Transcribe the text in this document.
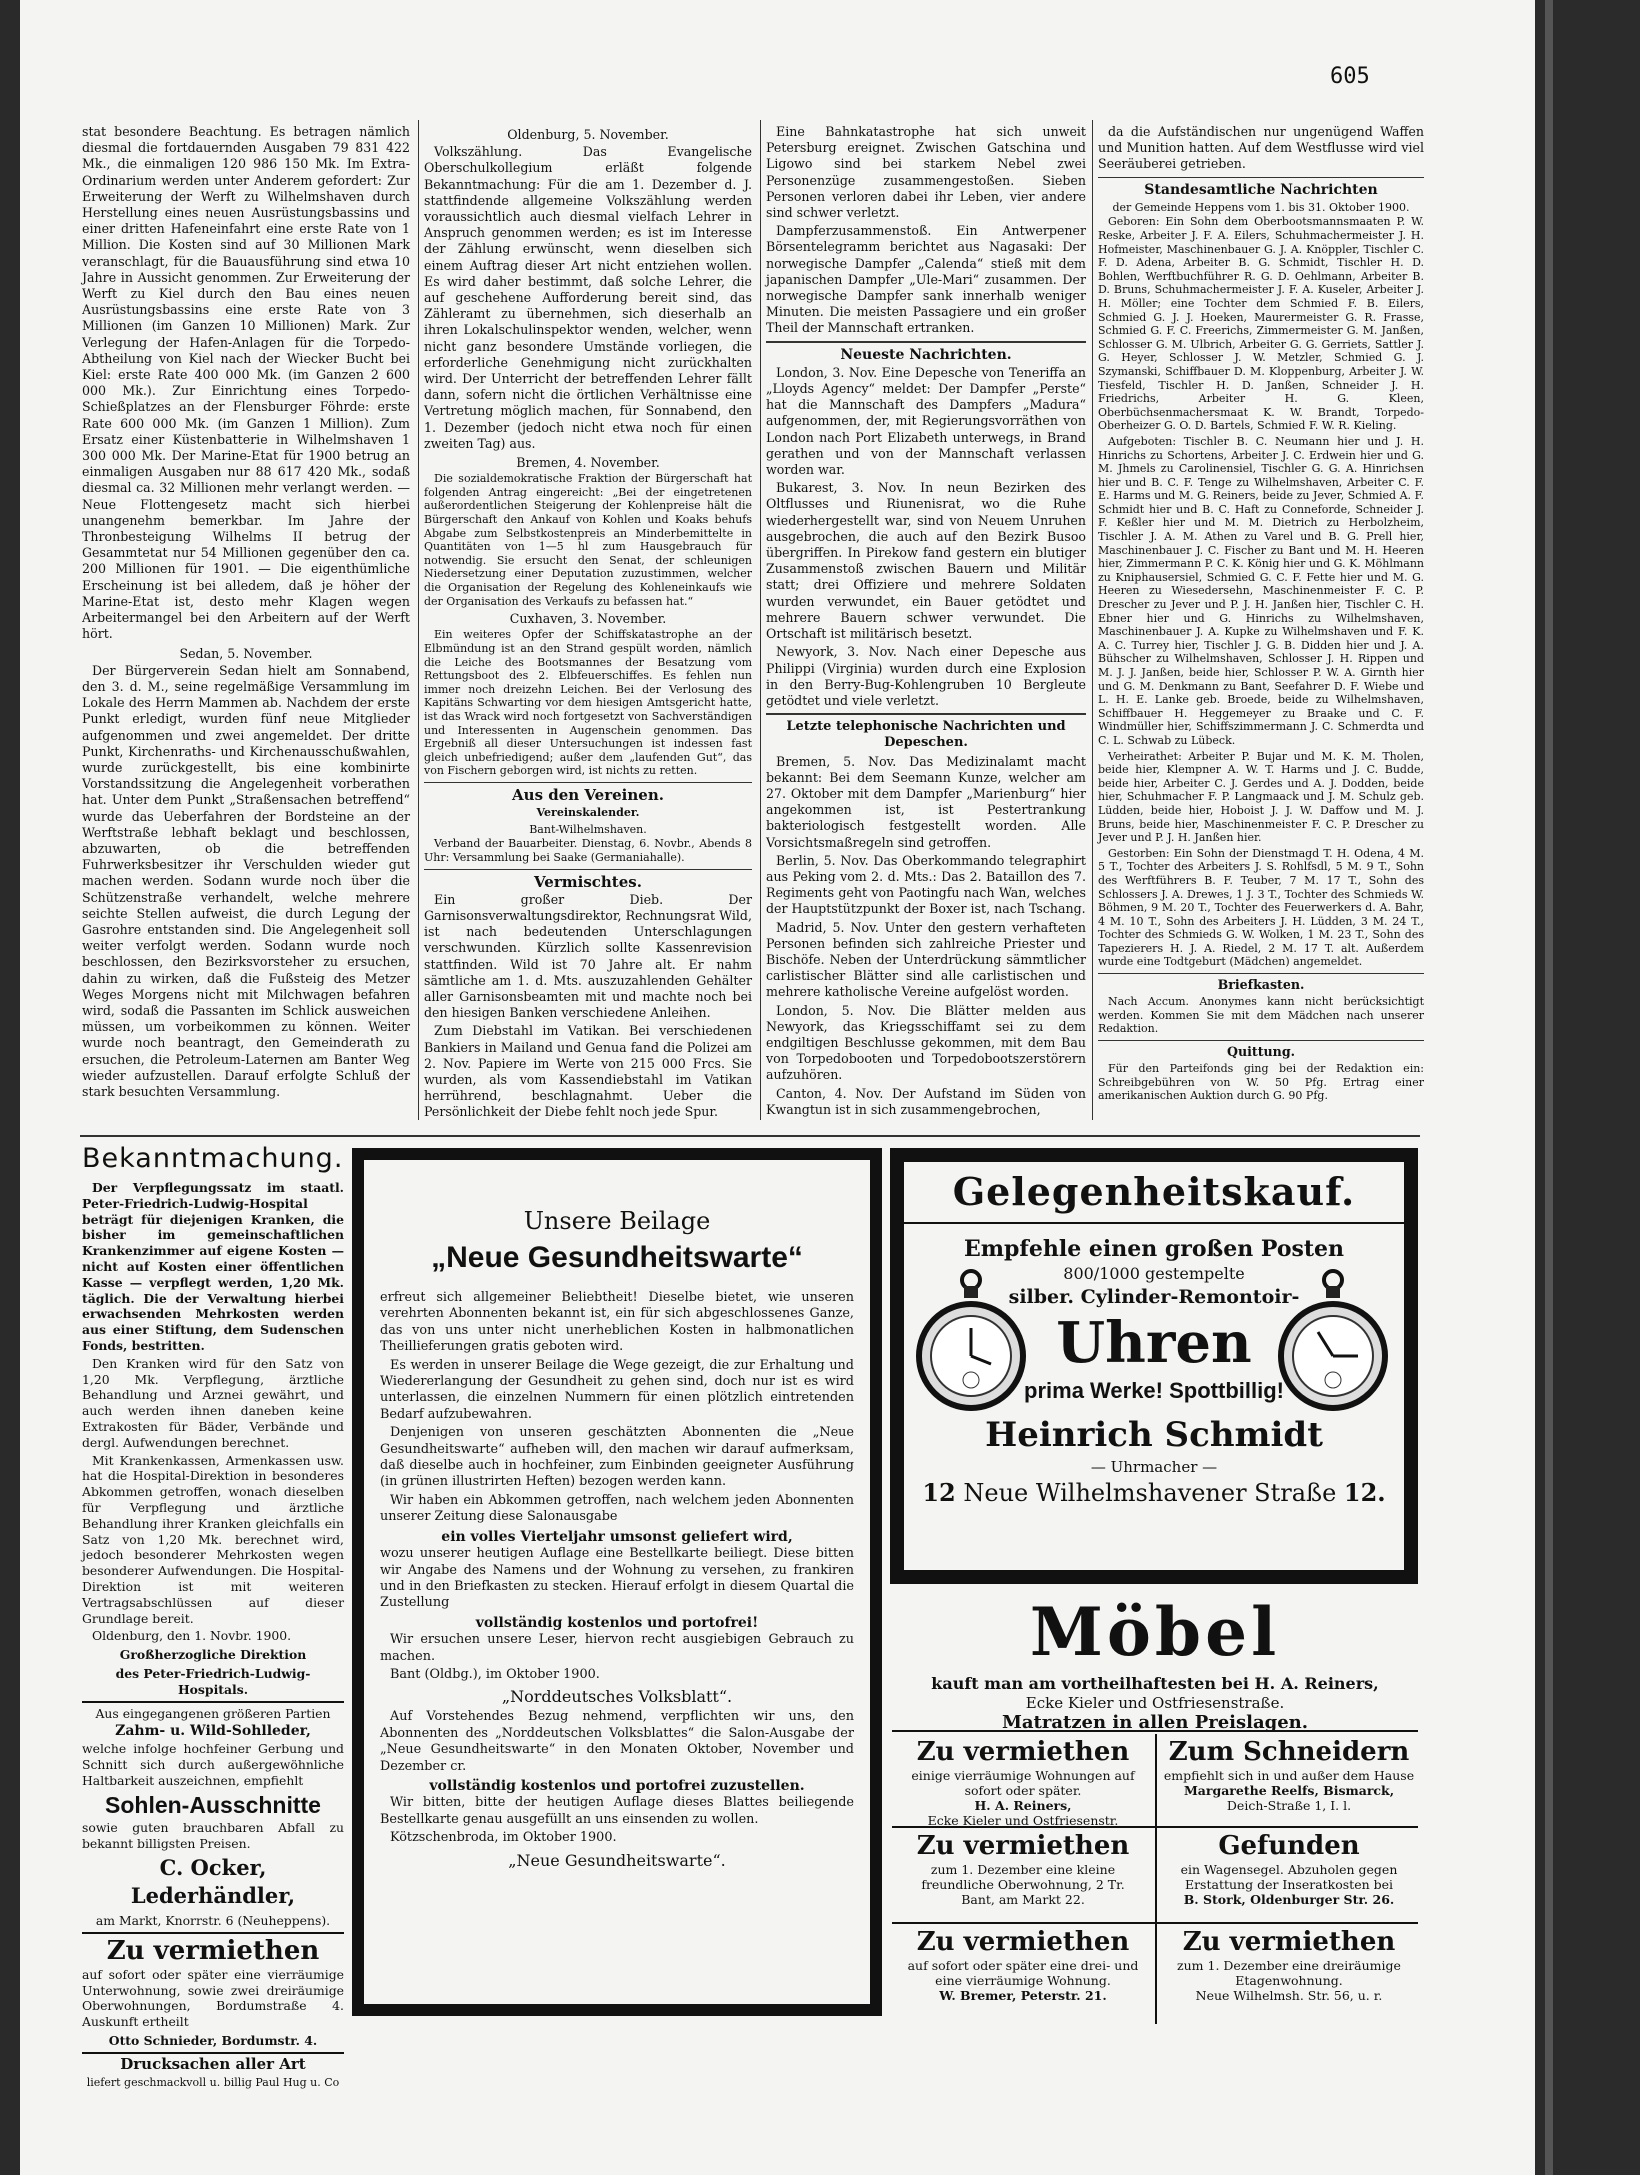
605

stat besondere Beachtung. Es betragen nämlich diesmal die fortdauernden Ausgaben 79 831 422 Mk., die einmaligen 120 986 150 Mk. Im Extra-Ordinarium werden unter Anderem gefordert: Zur Erweiterung der Werft zu Wilhelmshaven durch Herstellung eines neuen Ausrüstungsbassins und einer dritten Hafeneinfahrt eine erste Rate von 1 Million. Die Kosten sind auf 30 Millionen Mark veranschlagt, für die Bauausführung sind etwa 10 Jahre in Aussicht genommen. Zur Erweiterung der Werft zu Kiel durch den Bau eines neuen Ausrüstungsbassins eine erste Rate von 3 Millionen (im Ganzen 10 Millionen) Mark. Zur Verlegung der Hafen-Anlagen für die Torpedo-Abtheilung von Kiel nach der Wiecker Bucht bei Kiel: erste Rate 400 000 Mk. (im Ganzen 2 600 000 Mk.). Zur Einrichtung eines Torpedo-Schießplatzes an der Flensburger Föhrde: erste Rate 600 000 Mk. (im Ganzen 1 Million). Zum Ersatz einer Küstenbatterie in Wilhelmshaven 1 300 000 Mk. Der Marine-Etat für 1900 betrug an einmaligen Ausgaben nur 88 617 420 Mk., sodaß diesmal ca. 32 Millionen mehr verlangt werden. — Neue Flottengesetz macht sich hierbei unangenehm bemerkbar. Im Jahre der Thronbesteigung Wilhelms II betrug der Gesammtetat nur 54 Millionen gegenüber den ca. 200 Millionen für 1901. — Die eigenthümliche Erscheinung ist bei alledem, daß je höher der Marine-Etat ist, desto mehr Klagen wegen Arbeitermangel bei den Arbeitern auf der Werft hört.

Sedan, 5. November.

Der Bürgerverein Sedan hielt am Sonnabend, den 3. d. M., seine regelmäßige Versammlung im Lokale des Herrn Mammen ab. Nachdem der erste Punkt erledigt, wurden fünf neue Mitglieder aufgenommen und zwei angemeldet. Der dritte Punkt, Kirchenraths- und Kirchenausschußwahlen, wurde zurückgestellt, bis eine kombinirte Vorstandssitzung die Angelegenheit vorberathen hat. Unter dem Punkt „Straßensachen betreffend“ wurde das Ueberfahren der Bordsteine an der Werftstraße lebhaft beklagt und beschlossen, abzuwarten, ob die betreffenden Fuhrwerksbesitzer ihr Verschulden wieder gut machen werden. Sodann wurde noch über die Schützenstraße verhandelt, welche mehrere seichte Stellen aufweist, die durch Legung der Gasrohre entstanden sind. Die Angelegenheit soll weiter verfolgt werden. Sodann wurde noch beschlossen, den Bezirksvorsteher zu ersuchen, dahin zu wirken, daß die Fußsteig des Metzer Weges Morgens nicht mit Milchwagen befahren wird, sodaß die Passanten im Schlick ausweichen müssen, um vorbeikommen zu können. Weiter wurde noch beantragt, den Gemeinderath zu ersuchen, die Petroleum-Laternen am Banter Weg wieder aufzustellen. Darauf erfolgte Schluß der stark besuchten Versammlung.

Oldenburg, 5. November.

Volkszählung. Das Evangelische Oberschulkollegium erläßt folgende Bekanntmachung: Für die am 1. Dezember d. J. stattfindende allgemeine Volkszählung werden voraussichtlich auch diesmal vielfach Lehrer in Anspruch genommen werden; es ist im Interesse der Zählung erwünscht, wenn dieselben sich einem Auftrag dieser Art nicht entziehen wollen. Es wird daher bestimmt, daß solche Lehrer, die auf geschehene Aufforderung bereit sind, das Zähleramt zu übernehmen, sich dieserhalb an ihren Lokalschulinspektor wenden, welcher, wenn nicht ganz besondere Umstände vorliegen, die erforderliche Genehmigung nicht zurückhalten wird. Der Unterricht der betreffenden Lehrer fällt dann, sofern nicht die örtlichen Verhältnisse eine Vertretung möglich machen, für Sonnabend, den 1. Dezember (jedoch nicht etwa noch für einen zweiten Tag) aus.

Bremen, 4. November.

Die sozialdemokratische Fraktion der Bürgerschaft hat folgenden Antrag eingereicht: „Bei der eingetretenen außerordentlichen Steigerung der Kohlenpreise hält die Bürgerschaft den Ankauf von Kohlen und Koaks behufs Abgabe zum Selbstkostenpreis an Minderbemittelte in Quantitäten von 1—5 hl zum Hausgebrauch für notwendig. Sie ersucht den Senat, der schleunigen Niedersetzung einer Deputation zuzustimmen, welcher die Organisation der Regelung des Kohleneinkaufs wie der Organisation des Verkaufs zu befassen hat.“

Cuxhaven, 3. November.

Ein weiteres Opfer der Schiffskatastrophe an der Elbmündung ist an den Strand gespült worden, nämlich die Leiche des Bootsmannes der Besatzung vom Rettungsboot des 2. Elbfeuerschiffes. Es fehlen nun immer noch dreizehn Leichen. Bei der Verlosung des Kapitäns Schwarting vor dem hiesigen Amtsgericht hatte, ist das Wrack wird noch fortgesetzt von Sachverständigen und Interessenten in Augenschein genommen. Das Ergebniß all dieser Untersuchungen ist indessen fast gleich unbefriedigend; außer dem „laufenden Gut“, das von Fischern geborgen wird, ist nichts zu retten.

Aus den Vereinen.

Vereinskalender.

Bant-Wilhelmshaven.

Verband der Bauarbeiter. Dienstag, 6. Novbr., Abends 8 Uhr: Versammlung bei Saake (Germaniahalle).

Vermischtes.

Ein großer Dieb. Der Garnisonsverwaltungsdirektor, Rechnungsrat Wild, ist nach bedeutenden Unterschlagungen verschwunden. Kürzlich sollte Kassenrevision stattfinden. Wild ist 70 Jahre alt. Er nahm sämtliche am 1. d. Mts. auszuzahlenden Gehälter aller Garnisonsbeamten mit und machte noch bei den hiesigen Banken verschiedene Anleihen.

Zum Diebstahl im Vatikan. Bei verschiedenen Bankiers in Mailand und Genua fand die Polizei am 2. Nov. Papiere im Werte von 215 000 Frcs. Sie wurden, als vom Kassendiebstahl im Vatikan herrührend, beschlagnahmt. Ueber die Persönlichkeit der Diebe fehlt noch jede Spur.

Eine Bahnkatastrophe hat sich unweit Petersburg ereignet. Zwischen Gatschina und Ligowo sind bei starkem Nebel zwei Personenzüge zusammengestoßen. Sieben Personen verloren dabei ihr Leben, vier andere sind schwer verletzt.

Dampferzusammenstoß. Ein Antwerpener Börsentelegramm berichtet aus Nagasaki: Der norwegische Dampfer „Calenda“ stieß mit dem japanischen Dampfer „Ule-Mari“ zusammen. Der norwegische Dampfer sank innerhalb weniger Minuten. Die meisten Passagiere und ein großer Theil der Mannschaft ertranken.

Neueste Nachrichten.

London, 3. Nov. Eine Depesche von Teneriffa an „Lloyds Agency“ meldet: Der Dampfer „Perste“ hat die Mannschaft des Dampfers „Madura“ aufgenommen, der, mit Regierungsvorräthen von London nach Port Elizabeth unterwegs, in Brand gerathen und von der Mannschaft verlassen worden war.

Bukarest, 3. Nov. In neun Bezirken des Oltflusses und Riunenisrat, wo die Ruhe wiederhergestellt war, sind von Neuem Unruhen ausgebrochen, die auch auf den Bezirk Busoo übergriffen. In Pirekow fand gestern ein blutiger Zusammenstoß zwischen Bauern und Militär statt; drei Offiziere und mehrere Soldaten wurden verwundet, ein Bauer getödtet und mehrere Bauern schwer verwundet. Die Ortschaft ist militärisch besetzt.

Newyork, 3. Nov. Nach einer Depesche aus Philippi (Virginia) wurden durch eine Explosion in den Berry-Bug-Kohlengruben 10 Bergleute getödtet und viele verletzt.

Letzte telephonische Nachrichten und Depeschen.

Bremen, 5. Nov. Das Medizinalamt macht bekannt: Bei dem Seemann Kunze, welcher am 27. Oktober mit dem Dampfer „Marienburg“ hier angekommen ist, ist Pestertrankung bakteriologisch festgestellt worden. Alle Vorsichtsmaßregeln sind getroffen.

Berlin, 5. Nov. Das Oberkommando telegraphirt aus Peking vom 2. d. Mts.: Das 2. Bataillon des 7. Regiments geht von Paotingfu nach Wan, welches der Hauptstützpunkt der Boxer ist, nach Tschang.

Madrid, 5. Nov. Unter den gestern verhafteten Personen befinden sich zahlreiche Priester und Bischöfe. Neben der Unterdrückung sämmtlicher carlistischer Blätter sind alle carlistischen und mehrere katholische Vereine aufgelöst worden.

London, 5. Nov. Die Blätter melden aus Newyork, das Kriegsschiffamt sei zu dem endgiltigen Beschlusse gekommen, mit dem Bau von Torpedobooten und Torpedobootszerstörern aufzuhören.

Canton, 4. Nov. Der Aufstand im Süden von Kwangtun ist in sich zusammengebrochen,

da die Aufständischen nur ungenügend Waffen und Munition hatten. Auf dem Westflusse wird viel Seeräuberei getrieben.

Standesamtliche Nachrichten

der Gemeinde Heppens vom 1. bis 31. Oktober 1900.

Geboren: Ein Sohn dem Oberbootsmannsmaaten P. W. Reske, Arbeiter J. F. A. Eilers, Schuhmachermeister J. H. Hofmeister, Maschinenbauer G. J. A. Knöppler, Tischler C. F. D. Adena, Arbeiter B. G. Schmidt, Tischler H. D. Bohlen, Werftbuchführer R. G. D. Oehlmann, Arbeiter B. D. Bruns, Schuhmachermeister J. F. A. Kuseler, Arbeiter J. H. Möller; eine Tochter dem Schmied F. B. Eilers, Schmied G. J. J. Hoeken, Maurermeister G. R. Frasse, Schmied G. F. C. Freerichs, Zimmermeister G. M. Janßen, Schlosser G. M. Ulbrich, Arbeiter G. G. Gerriets, Sattler J. G. Heyer, Schlosser J. W. Metzler, Schmied G. J. Szymanski, Schiffbauer D. M. Kloppenburg, Arbeiter J. W. Tiesfeld, Tischler H. D. Janßen, Schneider J. H. Friedrichs, Arbeiter H. G. Kleen, Oberbüchsenmachersmaat K. W. Brandt, Torpedo-Oberheizer G. O. D. Bartels, Schmied F. W. R. Kieling.

Aufgeboten: Tischler B. C. Neumann hier und J. H. Hinrichs zu Schortens, Arbeiter J. C. Erdwein hier und G. M. Jhmels zu Carolinensiel, Tischler G. G. A. Hinrichsen hier und B. C. F. Tenge zu Wilhelmshaven, Arbeiter C. F. E. Harms und M. G. Reiners, beide zu Jever, Schmied A. F. Schmidt hier und B. C. Haft zu Conneforde, Schneider J. F. Keßler hier und M. M. Dietrich zu Herbolzheim, Tischler J. A. M. Athen zu Varel und B. G. Prell hier, Maschinenbauer J. C. Fischer zu Bant und M. H. Heeren hier, Zimmermann P. C. K. König hier und G. K. Möhlmann zu Kniphausersiel, Schmied G. C. F. Fette hier und M. G. Heeren zu Wiesedersehn, Maschinenmeister F. C. P. Drescher zu Jever und P. J. H. Janßen hier, Tischler C. H. Ebner hier und G. Hinrichs zu Wilhelmshaven, Maschinenbauer J. A. Kupke zu Wilhelmshaven und F. K. A. C. Turrey hier, Tischler J. G. B. Didden hier und J. A. Bühscher zu Wilhelmshaven, Schlosser J. H. Rippen und M. J. J. Janßen, beide hier, Schlosser P. W. A. Girnth hier und G. M. Denkmann zu Bant, Seefahrer D. F. Wiebe und L. H. E. Lanke geb. Broede, beide zu Wilhelmshaven, Schiffbauer H. Heggemeyer zu Braake und C. F. Windmüller hier, Schiffszimmermann J. C. Schmerdta und C. L. Schwab zu Lübeck.

Verheirathet: Arbeiter P. Bujar und M. K. M. Tholen, beide hier, Klempner A. W. T. Harms und J. C. Budde, beide hier, Arbeiter C. J. Gerdes und A. J. Dodden, beide hier, Schuhmacher F. P. Langmaack und J. M. Schulz geb. Lüdden, beide hier, Hoboist J. J. W. Daffow und M. J. Bruns, beide hier, Maschinenmeister F. C. P. Drescher zu Jever und P. J. H. Janßen hier.

Gestorben: Ein Sohn der Dienstmagd T. H. Odena, 4 M. 5 T., Tochter des Arbeiters J. S. Rohlfsdl, 5 M. 9 T., Sohn des Werftführers B. F. Teuber, 7 M. 17 T., Sohn des Schlossers J. A. Drewes, 1 J. 3 T., Tochter des Schmieds W. Böhmen, 9 M. 20 T., Tochter des Feuerwerkers d. A. Bahr, 4 M. 10 T., Sohn des Arbeiters J. H. Lüdden, 3 M. 24 T., Tochter des Schmieds G. W. Wolken, 1 M. 23 T., Sohn des Tapezierers H. J. A. Riedel, 2 M. 17 T. alt. Außerdem wurde eine Todtgeburt (Mädchen) angemeldet.

Briefkasten.

Nach Accum. Anonymes kann nicht berücksichtigt werden. Kommen Sie mit dem Mädchen nach unserer Redaktion.

Quittung.

Für den Parteifonds ging bei der Redaktion ein: Schreibgebühren von W. 50 Pfg. Ertrag einer amerikanischen Auktion durch G. 90 Pfg.

Bekanntmachung.

Der Verpflegungssatz im staatl. Peter-Friedrich-Ludwig-Hospital beträgt für diejenigen Kranken, die bisher im gemeinschaftlichen Krankenzimmer auf eigene Kosten — nicht auf Kosten einer öffentlichen Kasse — verpflegt werden, 1,20 Mk. täglich. Die der Verwaltung hierbei erwachsenden Mehrkosten werden aus einer Stiftung, dem Sudenschen Fonds, bestritten.

Den Kranken wird für den Satz von 1,20 Mk. Verpflegung, ärztliche Behandlung und Arznei gewährt, und auch werden ihnen daneben keine Extrakosten für Bäder, Verbände und dergl. Aufwendungen berechnet.

Mit Krankenkassen, Armenkassen usw. hat die Hospital-Direktion in besonderes Abkommen getroffen, wonach dieselben für Verpflegung und ärztliche Behandlung ihrer Kranken gleichfalls ein Satz von 1,20 Mk. berechnet wird, jedoch besonderer Mehrkosten wegen besonderer Aufwendungen. Die Hospital-Direktion ist mit weiteren Vertragsabschlüssen auf dieser Grundlage bereit.

Oldenburg, den 1. Novbr. 1900.

Großherzogliche Direktion

des Peter-Friedrich-Ludwig-Hospitals.

Aus eingegangenen größeren Partien

Zahm- u. Wild-Sohlleder,

welche infolge hochfeiner Gerbung und Schnitt sich durch außergewöhnliche Haltbarkeit auszeichnen, empfiehlt

Sohlen-Ausschnitte

sowie guten brauchbaren Abfall zu bekannt billigsten Preisen.

C. Ocker, Lederhändler,

am Markt, Knorrstr. 6 (Neuheppens).

Zu vermiethen

auf sofort oder später eine vierräumige Unterwohnung, sowie zwei dreiräumige Oberwohnungen, Bordumstraße 4. Auskunft ertheilt

Otto Schnieder, Bordumstr. 4.

Drucksachen aller Art

liefert geschmackvoll u. billig Paul Hug u. Co

Unsere Beilage
„Neue Gesundheitswarte“

erfreut sich allgemeiner Beliebtheit! Dieselbe bietet, wie unseren verehrten Abonnenten bekannt ist, ein für sich abgeschlossenes Ganze, das von uns unter nicht unerheblichen Kosten in halbmonatlichen Theillieferungen gratis geboten wird.

Es werden in unserer Beilage die Wege gezeigt, die zur Erhaltung und Wiedererlangung der Gesundheit zu gehen sind, doch nur ist es wird unterlassen, die einzelnen Nummern für einen plötzlich eintretenden Bedarf aufzubewahren.

Denjenigen von unseren geschätzten Abonnenten die „Neue Gesundheitswarte“ aufheben will, den machen wir darauf aufmerksam, daß dieselbe auch in hochfeiner, zum Einbinden geeigneter Ausführung (in grünen illustrirten Heften) bezogen werden kann.

Wir haben ein Abkommen getroffen, nach welchem jeden Abonnenten unserer Zeitung diese Salonausgabe

ein volles Vierteljahr umsonst geliefert wird,

wozu unserer heutigen Auflage eine Bestellkarte beiliegt. Diese bitten wir Angabe des Namens und der Wohnung zu versehen, zu frankiren und in den Briefkasten zu stecken. Hierauf erfolgt in diesem Quartal die Zustellung

vollständig kostenlos und portofrei!

Wir ersuchen unsere Leser, hiervon recht ausgiebigen Gebrauch zu machen.

Bant (Oldbg.), im Oktober 1900.

„Norddeutsches Volksblatt“.

Auf Vorstehendes Bezug nehmend, verpflichten wir uns, den Abonnenten des „Norddeutschen Volksblattes“ die Salon-Ausgabe der „Neue Gesundheitswarte“ in den Monaten Oktober, November und Dezember cr.

vollständig kostenlos und portofrei zuzustellen.

Wir bitten, bitte der heutigen Auflage dieses Blattes beiliegende Bestellkarte genau ausgefüllt an uns einsenden zu wollen.

Kötzschenbroda, im Oktober 1900.

„Neue Gesundheitswarte“.

Gelegenheitskauf.
Empfehle einen großen Posten
800/1000 gestempelte
silber. Cylinder-Remontoir-
Uhren
prima Werke! Spottbillig!
Heinrich Schmidt
— Uhrmacher —
12 Neue Wilhelmshavener Straße 12.
Möbel
kauft man am vortheilhaftesten bei H. A. Reiners,
Ecke Kieler und Ostfriesenstraße.
Matratzen in allen Preislagen.
Zu vermiethen
einige vierräumige Wohnungen auf sofort oder später.
H. A. Reiners,
Ecke Kieler und Ostfriesenstr.
Zum Schneidern
empfiehlt sich in und außer dem Hause
Margarethe Reelfs, Bismarck,
Deich-Straße 1, I. l.
Zu vermiethen
zum 1. Dezember eine kleine freundliche Oberwohnung, 2 Tr.
Bant, am Markt 22.
Gefunden
ein Wagensegel. Abzuholen gegen Erstattung der Inseratkosten bei
B. Stork, Oldenburger Str. 26.
Zu vermiethen
auf sofort oder später eine drei- und eine vierräumige Wohnung.
W. Bremer, Peterstr. 21.
Zu vermiethen
zum 1. Dezember eine dreiräumige Etagenwohnung.
Neue Wilhelmsh. Str. 56, u. r.
